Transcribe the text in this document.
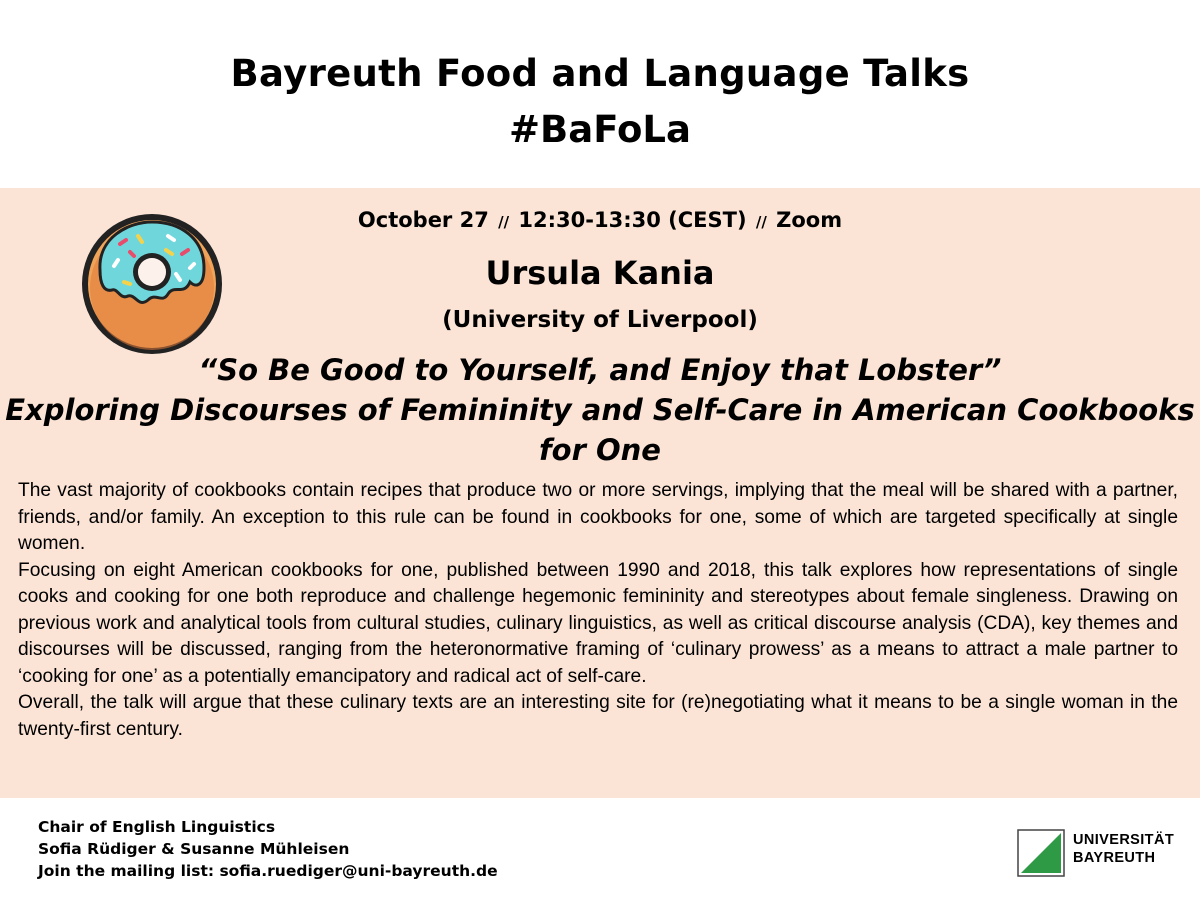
Bayreuth Food and Language Talks
#BaFoLa
October 27 // 12:30-13:30 (CEST) // Zoom
Ursula Kania
(University of Liverpool)
“So Be Good to Yourself, and Enjoy that Lobster”
Exploring Discourses of Femininity and Self-Care in American Cookbooks
for One

The vast majority of cookbooks contain recipes that produce two or more servings, implying that the meal will be shared with a partner, friends, and/or family. An exception to this rule can be found in cookbooks for one, some of which are targeted specifically at single women.

Focusing on eight American cookbooks for one, published between 1990 and 2018, this talk explores how representations of single cooks and cooking for one both reproduce and challenge hegemonic femininity and stereotypes about female singleness. Drawing on previous work and analytical tools from cultural studies, culinary linguistics, as well as critical discourse analysis (CDA), key themes and discourses will be discussed, ranging from the heteronormative framing of ‘culinary prowess’ as a means to attract a male partner to ‘cooking for one’ as a potentially emancipatory and radical act of self-care.

Overall, the talk will argue that these culinary texts are an interesting site for (re)negotiating what it means to be a single woman in the twenty-first century.

Chair of English Linguistics
Sofia Rüdiger & Susanne Mühleisen
Join the mailing list: sofia.ruediger@uni-bayreuth.de
UNIVERSITÄT
BAYREUTH
